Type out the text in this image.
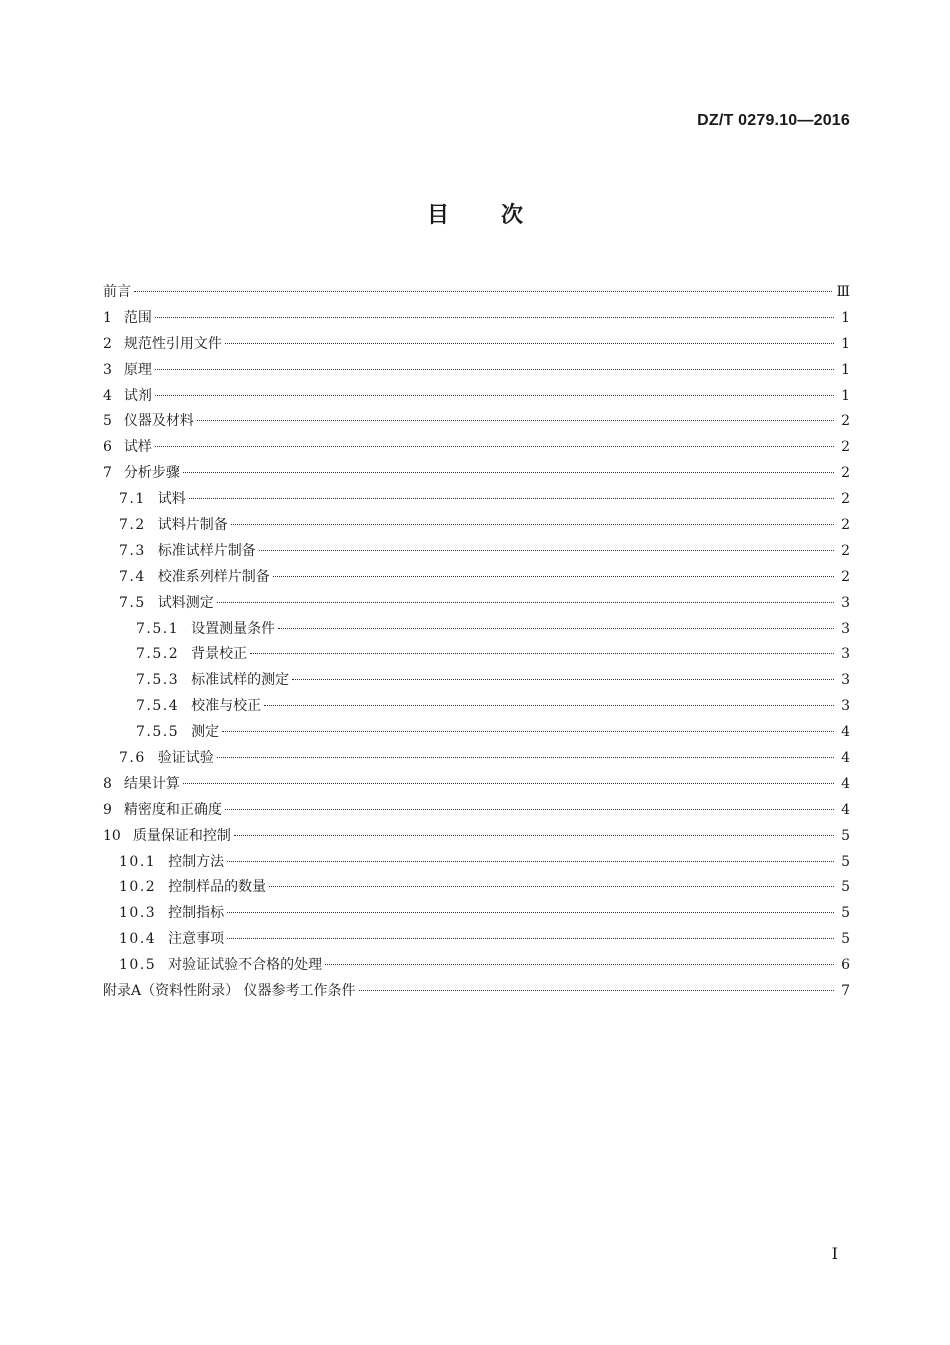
DZ/T 0279.10—2016
目次
前言	Ⅲ
1 范围	1
2 规范性引用文件	1
3 原理	1
4 试剂	1
5 仪器及材料	2
6 试样	2
7 分析步骤	2
7.1 试料	2
7.2 试料片制备	2
7.3 标准试样片制备	2
7.4 校准系列样片制备	2
7.5 试料测定	3
7.5.1 设置测量条件	3
7.5.2 背景校正	3
7.5.3 标准试样的测定	3
7.5.4 校准与校正	3
7.5.5 测定	4
7.6 验证试验	4
8 结果计算	4
9 精密度和正确度	4
10 质量保证和控制	5
10.1 控制方法	5
10.2 控制样品的数量	5
10.3 控制指标	5
10.4 注意事项	5
10.5 对验证试验不合格的处理	6
附录A（资料性附录） 仪器参考工作条件	7
I
